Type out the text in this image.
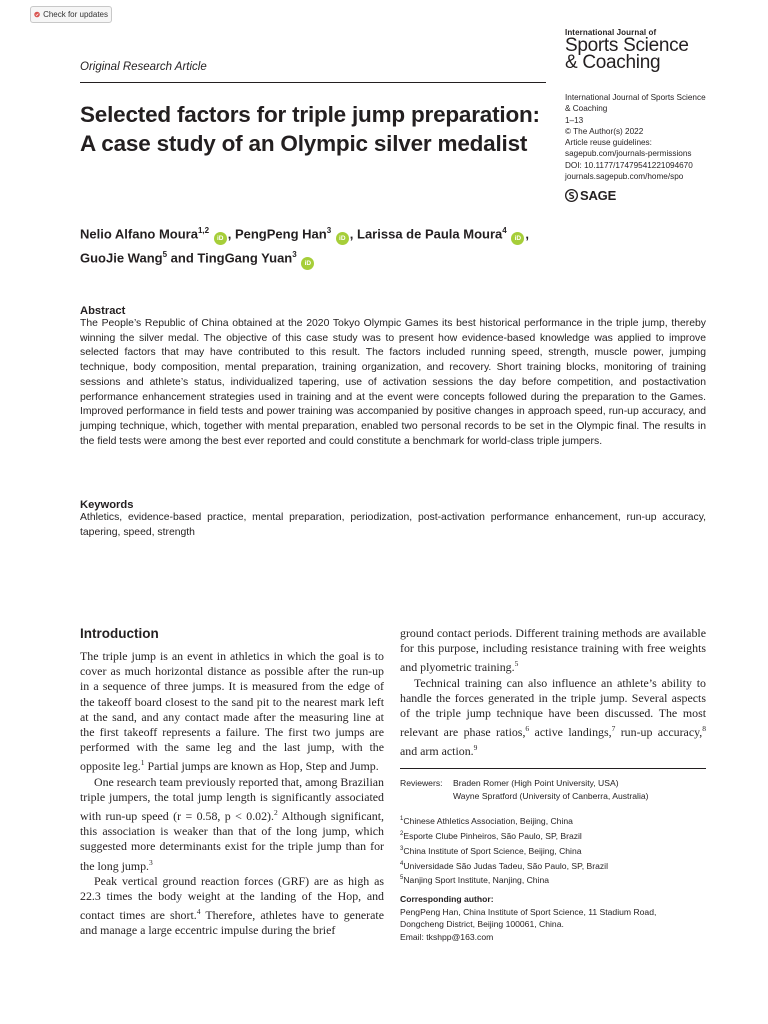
Check for updates
Original Research Article
International Journal of
Sports Science
& Coaching
International Journal of Sports Science
& Coaching
1–13
© The Author(s) 2022
Article reuse guidelines:
sagepub.com/journals-permissions
DOI: 10.1177/17479541221094670
journals.sagepub.com/home/spo
SAGE
Selected factors for triple jump preparation: A case study of an Olympic silver medalist
Nelio Alfano Moura$^{1,2}$ iD , PengPeng Han$^3$ iD , Larissa de Paula Moura$^4$ iD , GuoJie Wang$^5$ and TingGang Yuan$^3$ iD
Abstract
The People’s Republic of China obtained at the 2020 Tokyo Olympic Games its best historical performance in the triple jump, thereby winning the silver medal. The objective of this case study was to present how evidence-based knowledge was applied to improve selected factors that may have contributed to this result. The factors included running speed, strength, muscle power, jumping technique, body composition, mental preparation, training organization, and recovery. Short training blocks, monitoring of training sessions and athlete’s status, individualized tapering, use of activation sessions the day before competition, and postactivation performance enhancement strategies used in training and at the event were concepts followed during the preparation to the Games. Improved performance in field tests and power training was accompanied by positive changes in approach speed, run-up accuracy, and jumping technique, which, together with mental preparation, enabled two personal records to be set in the Olympic final. The results in the field tests were among the best ever reported and could constitute a benchmark for world-class triple jumpers.
Keywords
Athletics, evidence-based practice, mental preparation, periodization, post-activation performance enhancement, run-up accuracy, tapering, speed, strength
Introduction

The triple jump is an event in athletics in which the goal is to cover as much horizontal distance as possible after the run-up in a sequence of three jumps. It is measured from the edge of the takeoff board closest to the sand pit to the nearest mark left at the sand, and any contact made after the measuring line at the first takeoff represents a failure. The first two jumps are performed with the same leg and the last jump, with the opposite leg.$^1$ Partial jumps are known as Hop, Step and Jump.

One research team previously reported that, among Brazilian triple jumpers, the total jump length is significantly associated with run-up speed (r = 0.58, p < 0.02).$^2$ Although significant, this association is weaker than that of the long jump, which suggested more determinants exist for the triple jump than for the long jump.$^3$

Peak vertical ground reaction forces (GRF) are as high as 22.3 times the body weight at the landing of the Hop, and contact times are short.$^4$ Therefore, athletes have to generate and manage a large eccentric impulse during the brief

ground contact periods. Different training methods are available for this purpose, including resistance training with free weights and plyometric training.$^5$

Technical training can also influence an athlete’s ability to handle the forces generated in the triple jump. Several aspects of the triple jump technique have been discussed. The most relevant are phase ratios,$^6$ active landings,$^7$ run-up accuracy,$^8$ and arm action.$^9$

Reviewers:	Braden Romer (High Point University, USA)
Wayne Spratford (University of Canberra, Australia)
$^1$Chinese Athletics Association, Beijing, China
$^2$Esporte Clube Pinheiros, São Paulo, SP, Brazil
$^3$China Institute of Sport Science, Beijing, China
$^4$Universidade São Judas Tadeu, São Paulo, SP, Brazil
$^5$Nanjing Sport Institute, Nanjing, China
Corresponding author:
PengPeng Han, China Institute of Sport Science, 11 Stadium Road,
Dongcheng District, Beijing 100061, China.
Email: tkshpp@163.com
